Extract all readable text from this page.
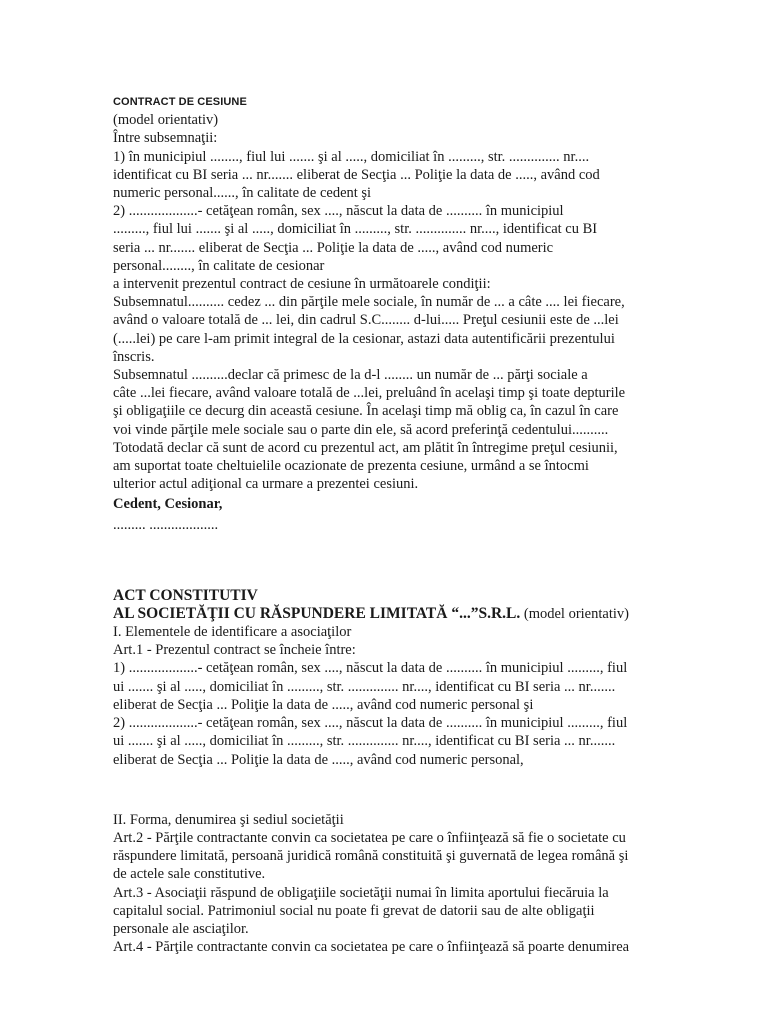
CONTRACT DE CESIUNE

(model orientativ)

Între subsemnaţii:

1) în municipiul ........, fiul lui ....... şi al ....., domiciliat în ........., str. .............. nr....

identificat cu BI seria ... nr....... eliberat de Secţia ... Poliţie la data de ....., având cod

numeric personal......, în calitate de cedent şi

2) ...................- cetăţean român, sex ...., născut la data de .......... în municipiul

........., fiul lui ....... şi al ....., domiciliat în ........., str. .............. nr...., identificat cu BI

seria ... nr....... eliberat de Secţia ... Poliţie la data de ....., având cod numeric

personal........, în calitate de cesionar

a intervenit prezentul contract de cesiune în următoarele condiţii:

Subsemnatul.......... cedez ... din părţile mele sociale, în număr de ... a câte .... lei fiecare,

având o valoare totală de ... lei, din cadrul S.C........ d-lui..... Preţul cesiunii este de ...lei

(.....lei) pe care l-am primit integral de la cesionar, astazi data autentificării prezentului

înscris.

Subsemnatul ..........declar că primesc de la d-l ........ un număr de ... părţi sociale a

câte ...lei fiecare, având valoare totală de ...lei, preluând în acelaşi timp şi toate depturile

şi obligaţiile ce decurg din această cesiune. În acelaşi timp mă oblig ca, în cazul în care

voi vinde părţile mele sociale sau o parte din ele, să acord preferinţă cedentului..........

Totodată declar că sunt de acord cu prezentul act, am plătit în întregime preţul cesiunii,

am suportat toate cheltuielile ocazionate de prezenta cesiune, urmând a se întocmi

ulterior actul adiţional ca urmare a prezentei cesiuni.

Cedent, Cesionar,

......... ...................

ACT CONSTITUTIV

AL SOCIETĂŢII CU RĂSPUNDERE LIMITATĂ “...”S.R.L. (model orientativ)

I. Elementele de identificare a asociaţilor

Art.1 - Prezentul contract se încheie între:

1) ...................- cetăţean român, sex ...., născut la data de .......... în municipiul ........., fiul

ui ....... şi al ....., domiciliat în ........., str. .............. nr...., identificat cu BI seria ... nr.......

eliberat de Secţia ... Poliţie la data de ....., având cod numeric personal şi

2) ...................- cetăţean român, sex ...., născut la data de .......... în municipiul ........., fiul

ui ....... şi al ....., domiciliat în ........., str. .............. nr...., identificat cu BI seria ... nr.......

eliberat de Secţia ... Poliţie la data de ....., având cod numeric personal,

II. Forma, denumirea şi sediul societăţii

Art.2 - Părţile contractante convin ca societatea pe care o înfiinţează să fie o societate cu

răspundere limitată, persoană juridică română constituită şi guvernată de legea română şi

de actele sale constitutive.

Art.3 - Asociaţii răspund de obligaţiile societăţii numai în limita aportului fiecăruia la

capitalul social. Patrimoniul social nu poate fi grevat de datorii sau de alte obligaţii

personale ale asciaţilor.

Art.4 - Părţile contractante convin ca societatea pe care o înfiinţează să poarte denumirea
